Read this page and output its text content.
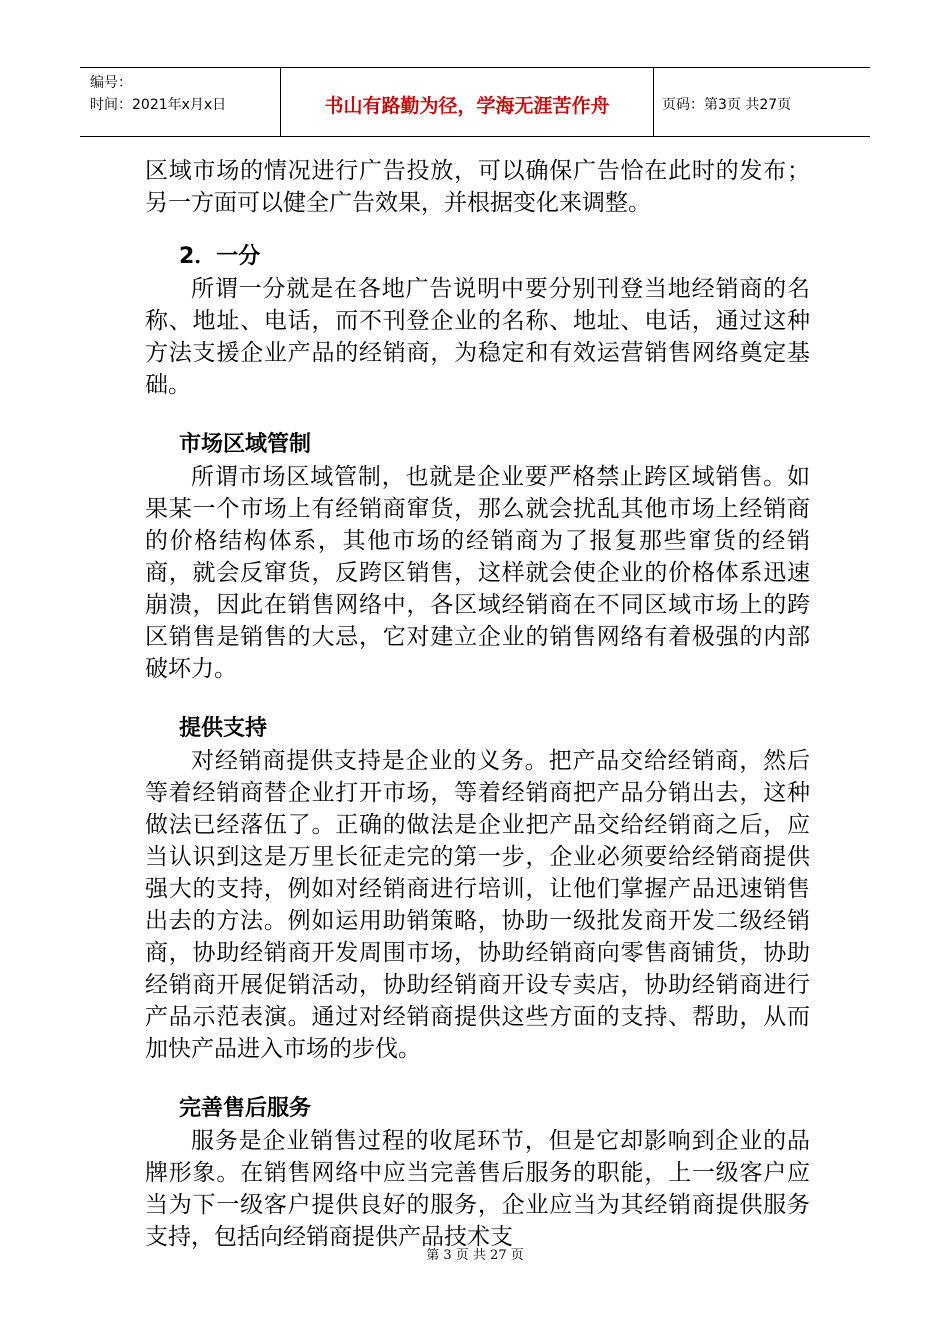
编号：
时间：2021年x月x日	书山有路勤为径，学海无涯苦作舟	页码：第3页 共27页

区域市场的情况进行广告投放，可以确保广告恰在此时的发布；另一方面可以健全广告效果，并根据变化来调整。

2．一分

所谓一分就是在各地广告说明中要分别刊登当地经销商的名称、地址、电话，而不刊登企业的名称、地址、电话，通过这种方法支援企业产品的经销商，为稳定和有效运营销售网络奠定基础。

市场区域管制

所谓市场区域管制，也就是企业要严格禁止跨区域销售。如果某一个市场上有经销商窜货，那么就会扰乱其他市场上经销商的价格结构体系，其他市场的经销商为了报复那些窜货的经销商，就会反窜货，反跨区销售，这样就会使企业的价格体系迅速崩溃，因此在销售网络中，各区域经销商在不同区域市场上的跨区销售是销售的大忌，它对建立企业的销售网络有着极强的内部破坏力。

提供支持

对经销商提供支持是企业的义务。把产品交给经销商，然后等着经销商替企业打开市场，等着经销商把产品分销出去，这种做法已经落伍了。正确的做法是企业把产品交给经销商之后，应当认识到这是万里长征走完的第一步，企业必须要给经销商提供强大的支持，例如对经销商进行培训，让他们掌握产品迅速销售出去的方法。例如运用助销策略，协助一级批发商开发二级经销商，协助经销商开发周围市场，协助经销商向零售商铺货，协助经销商开展促销活动，协助经销商开设专卖店，协助经销商进行产品示范表演。通过对经销商提供这些方面的支持、帮助，从而加快产品进入市场的步伐。

完善售后服务

服务是企业销售过程的收尾环节，但是它却影响到企业的品牌形象。在销售网络中应当完善售后服务的职能，上一级客户应当为下一级客户提供良好的服务，企业应当为其经销商提供服务支持，包括向经销商提供产品技术支

第 3 页 共 27 页
